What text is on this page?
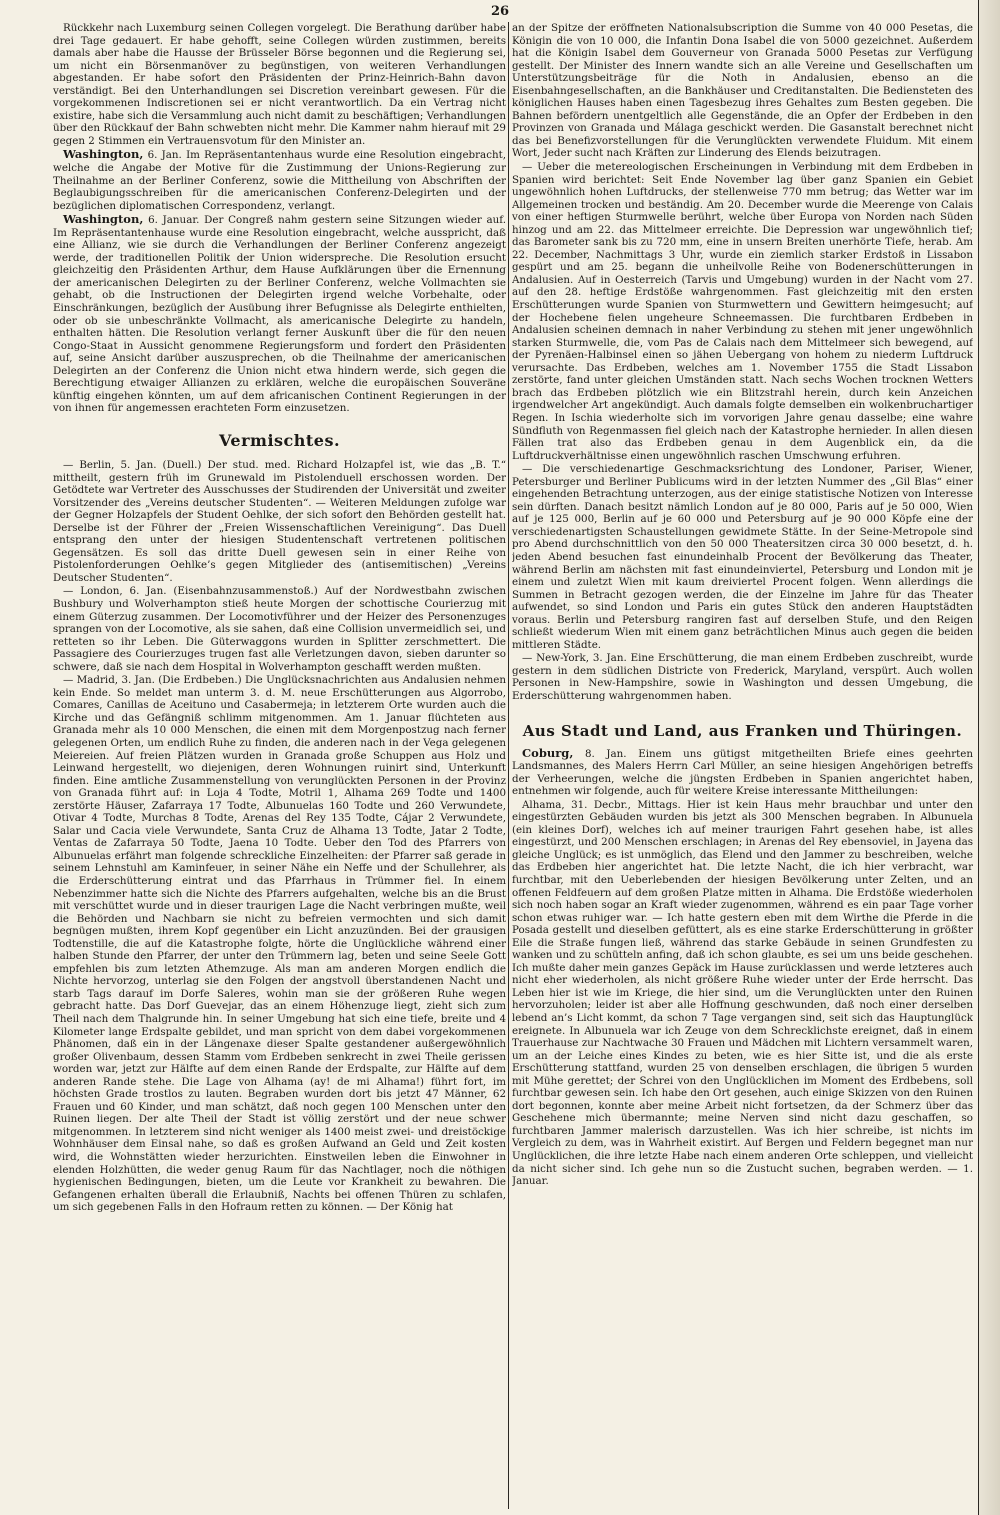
26

Rückkehr nach Luxemburg seinen Collegen vorgelegt. Die Berathung darüber habe drei Tage gedauert. Er habe gehofft, seine Collegen würden zustimmen, bereits damals aber habe die Hausse der Brüsseler Börse begonnen und die Regierung sei, um nicht ein Börsenmanöver zu begünstigen, von weiteren Verhandlungen abgestanden. Er habe sofort den Präsidenten der Prinz-Heinrich-Bahn davon verständigt. Bei den Unterhandlungen sei Discretion vereinbart gewesen. Für die vorgekommenen Indiscretionen sei er nicht verantwortlich. Da ein Vertrag nicht existire, habe sich die Versammlung auch nicht damit zu beschäftigen; Verhandlungen über den Rückkauf der Bahn schwebten nicht mehr. Die Kammer nahm hierauf mit 29 gegen 2 Stimmen ein Vertrauensvotum für den Minister an.

Washington, 6. Jan. Im Repräsentantenhaus wurde eine Resolution eingebracht, welche die Angabe der Motive für die Zustimmung der Unions-Regierung zur Theilnahme an der Berliner Conferenz, sowie die Mittheilung von Abschriften der Beglaubigungsschreiben für die americanischen Conferenz-Delegirten und der bezüglichen diplomatischen Correspondenz, verlangt.

Washington, 6. Januar. Der Congreß nahm gestern seine Sitzungen wieder auf. Im Repräsentantenhause wurde eine Resolution eingebracht, welche ausspricht, daß eine Allianz, wie sie durch die Verhandlungen der Berliner Conferenz angezeigt werde, der traditionellen Politik der Union widerspreche. Die Resolution ersucht gleichzeitig den Präsidenten Arthur, dem Hause Aufklärungen über die Ernennung der americanischen Delegirten zu der Berliner Conferenz, welche Vollmachten sie gehabt, ob die Instructionen der Delegirten irgend welche Vorbehalte, oder Einschränkungen, bezüglich der Ausübung ihrer Befugnisse als Delegirte enthielten, oder ob sie unbeschränkte Vollmacht, als americanische Delegirte zu handeln, enthalten hätten. Die Resolution verlangt ferner Auskunft über die für den neuen Congo-Staat in Aussicht genommene Regierungsform und fordert den Präsidenten auf, seine Ansicht darüber auszusprechen, ob die Theilnahme der americanischen Delegirten an der Conferenz die Union nicht etwa hindern werde, sich gegen die Berechtigung etwaiger Allianzen zu erklären, welche die europäischen Souveräne künftig eingehen könnten, um auf dem africanischen Continent Regierungen in der von ihnen für angemessen erachteten Form einzusetzen.

Vermischtes.

— Berlin, 5. Jan. (Duell.) Der stud. med. Richard Holzapfel ist, wie das „B. T.“ mittheilt, gestern früh im Grunewald im Pistolenduell erschossen worden. Der Getödtete war Vertreter des Ausschusses der Studirenden der Universität und zweiter Vorsitzender des „Vereins deutscher Studenten“. — Weiteren Meldungen zufolge war der Gegner Holzapfels der Student Oehlke, der sich sofort den Behörden gestellt hat. Derselbe ist der Führer der „Freien Wissenschaftlichen Vereinigung“. Das Duell entsprang den unter der hiesigen Studentenschaft vertretenen politischen Gegensätzen. Es soll das dritte Duell gewesen sein in einer Reihe von Pistolenforderungen Oehlke’s gegen Mitglieder des (antisemitischen) „Vereins Deutscher Studenten“.

— London, 6. Jan. (Eisenbahnzusammenstoß.) Auf der Nordwestbahn zwischen Bushbury und Wolverhampton stieß heute Morgen der schottische Courierzug mit einem Güterzug zusammen. Der Locomotivführer und der Heizer des Personenzuges sprangen von der Locomotive, als sie sahen, daß eine Collision unvermeidlich sei, und retteten so ihr Leben. Die Güterwaggons wurden in Splitter zerschmettert. Die Passagiere des Courierzuges trugen fast alle Verletzungen davon, sieben darunter so schwere, daß sie nach dem Hospital in Wolverhampton geschafft werden mußten.

— Madrid, 3. Jan. (Die Erdbeben.) Die Unglücksnachrichten aus Andalusien nehmen kein Ende. So meldet man unterm 3. d. M. neue Erschütterungen aus Algorrobo, Comares, Canillas de Aceituno und Casabermeja; in letzterem Orte wurden auch die Kirche und das Gefängniß schlimm mitgenommen. Am 1. Januar flüchteten aus Granada mehr als 10 000 Menschen, die einen mit dem Morgenpostzug nach ferner gelegenen Orten, um endlich Ruhe zu finden, die anderen nach in der Vega gelegenen Meiereien. Auf freien Plätzen wurden in Granada große Schuppen aus Holz und Leinwand hergestellt, wo diejenigen, deren Wohnungen ruinirt sind, Unterkunft finden. Eine amtliche Zusammenstellung von verunglückten Personen in der Provinz von Granada führt auf: in Loja 4 Todte, Motril 1, Alhama 269 Todte und 1400 zerstörte Häuser, Zafarraya 17 Todte, Albunuelas 160 Todte und 260 Verwundete, Otivar 4 Todte, Murchas 8 Todte, Arenas del Rey 135 Todte, Cájar 2 Verwundete, Salar und Cacia viele Verwundete, Santa Cruz de Alhama 13 Todte, Jatar 2 Todte, Ventas de Zafarraya 50 Todte, Jaena 10 Todte. Ueber den Tod des Pfarrers von Albunuelas erfährt man folgende schreckliche Einzelheiten: der Pfarrer saß gerade in seinem Lehnstuhl am Kaminfeuer, in seiner Nähe ein Neffe und der Schullehrer, als die Erderschütterung eintrat und das Pfarrhaus in Trümmer fiel. In einem Nebenzimmer hatte sich die Nichte des Pfarrers aufgehalten, welche bis an die Brust mit verschüttet wurde und in dieser traurigen Lage die Nacht verbringen mußte, weil die Behörden und Nachbarn sie nicht zu befreien vermochten und sich damit begnügen mußten, ihrem Kopf gegenüber ein Licht anzuzünden. Bei der grausigen Todtenstille, die auf die Katastrophe folgte, hörte die Unglückliche während einer halben Stunde den Pfarrer, der unter den Trümmern lag, beten und seine Seele Gott empfehlen bis zum letzten Athemzuge. Als man am anderen Morgen endlich die Nichte hervorzog, unterlag sie den Folgen der angstvoll überstandenen Nacht und starb Tags darauf im Dorfe Saleres, wohin man sie der größeren Ruhe wegen gebracht hatte. Das Dorf Guevejar, das an einem Höhenzuge liegt, zieht sich zum Theil nach dem Thalgrunde hin. In seiner Umgebung hat sich eine tiefe, breite und 4 Kilometer lange Erdspalte gebildet, und man spricht von dem dabei vorgekommenen Phänomen, daß ein in der Längenaxe dieser Spalte gestandener außergewöhnlich großer Olivenbaum, dessen Stamm vom Erdbeben senkrecht in zwei Theile gerissen worden war, jetzt zur Hälfte auf dem einen Rande der Erdspalte, zur Hälfte auf dem anderen Rande stehe. Die Lage von Alhama (ay! de mi Alhama!) führt fort, im höchsten Grade trostlos zu lauten. Begraben wurden dort bis jetzt 47 Männer, 62 Frauen und 60 Kinder, und man schätzt, daß noch gegen 100 Menschen unter den Ruinen liegen. Der alte Theil der Stadt ist völlig zerstört und der neue schwer mitgenommen. In letzterem sind nicht weniger als 1400 meist zwei- und dreistöckige Wohnhäuser dem Einsal nahe, so daß es großen Aufwand an Geld und Zeit kosten wird, die Wohnstätten wieder herzurichten. Einstweilen leben die Einwohner in elenden Holzhütten, die weder genug Raum für das Nachtlager, noch die nöthigen hygienischen Bedingungen, bieten, um die Leute vor Krankheit zu bewahren. Die Gefangenen erhalten überall die Erlaubniß, Nachts bei offenen Thüren zu schlafen, um sich gegebenen Falls in den Hofraum retten zu können. — Der König hat

an der Spitze der eröffneten Nationalsubscription die Summe von 40 000 Pesetas, die Königin die von 10 000, die Infantin Dona Isabel die von 5000 gezeichnet. Außerdem hat die Königin Isabel dem Gouverneur von Granada 5000 Pesetas zur Verfügung gestellt. Der Minister des Innern wandte sich an alle Vereine und Gesellschaften um Unterstützungsbeiträge für die Noth in Andalusien, ebenso an die Eisenbahngesellschaften, an die Bankhäuser und Creditanstalten. Die Bediensteten des königlichen Hauses haben einen Tagesbezug ihres Gehaltes zum Besten gegeben. Die Bahnen befördern unentgeltlich alle Gegenstände, die an Opfer der Erdbeben in den Provinzen von Granada und Málaga geschickt werden. Die Gasanstalt berechnet nicht das bei Benefizvorstellungen für die Verunglückten verwendete Fluidum. Mit einem Wort, Jeder sucht nach Kräften zur Linderung des Elends beizutragen.

— Ueber die metereologischen Erscheinungen in Verbindung mit dem Erdbeben in Spanien wird berichtet: Seit Ende November lag über ganz Spanien ein Gebiet ungewöhnlich hohen Luftdrucks, der stellenweise 770 mm betrug; das Wetter war im Allgemeinen trocken und beständig. Am 20. December wurde die Meerenge von Calais von einer heftigen Sturmwelle berührt, welche über Europa von Norden nach Süden hinzog und am 22. das Mittelmeer erreichte. Die Depression war ungewöhnlich tief; das Barometer sank bis zu 720 mm, eine in unsern Breiten unerhörte Tiefe, herab. Am 22. December, Nachmittags 3 Uhr, wurde ein ziemlich starker Erdstoß in Lissabon gespürt und am 25. begann die unheilvolle Reihe von Bodenerschütterungen in Andalusien. Auf in Oesterreich (Tarvis und Umgebung) wurden in der Nacht vom 27. auf den 28. heftige Erdstöße wahrgenommen. Fast gleichzeitig mit den ersten Erschütterungen wurde Spanien von Sturmwettern und Gewittern heimgesucht; auf der Hochebene fielen ungeheure Schneemassen. Die furchtbaren Erdbeben in Andalusien scheinen demnach in naher Verbindung zu stehen mit jener ungewöhnlich starken Sturmwelle, die, vom Pas de Calais nach dem Mittelmeer sich bewegend, auf der Pyrenäen-Halbinsel einen so jähen Uebergang von hohem zu niederm Luftdruck verursachte. Das Erdbeben, welches am 1. November 1755 die Stadt Lissabon zerstörte, fand unter gleichen Umständen statt. Nach sechs Wochen trocknen Wetters brach das Erdbeben plötzlich wie ein Blitzstrahl herein, durch kein Anzeichen irgendwelcher Art angekündigt. Auch damals folgte demselben ein wolkenbruchartiger Regen. In Ischia wiederholte sich im vorvorigen Jahre genau dasselbe; eine wahre Sündfluth von Regenmassen fiel gleich nach der Katastrophe hernieder. In allen diesen Fällen trat also das Erdbeben genau in dem Augenblick ein, da die Luftdruckverhältnisse einen ungewöhnlich raschen Umschwung erfuhren.

— Die verschiedenartige Geschmacksrichtung des Londoner, Pariser, Wiener, Petersburger und Berliner Publicums wird in der letzten Nummer des „Gil Blas“ einer eingehenden Betrachtung unterzogen, aus der einige statistische Notizen von Interesse sein dürften. Danach besitzt nämlich London auf je 80 000, Paris auf je 50 000, Wien auf je 125 000, Berlin auf je 60 000 und Petersburg auf je 90 000 Köpfe eine der verschiedenartigsten Schaustellungen gewidmete Stätte. In der Seine-Metropole sind pro Abend durchschnittlich von den 50 000 Theatersitzen circa 30 000 besetzt, d. h. jeden Abend besuchen fast einundeinhalb Procent der Bevölkerung das Theater, während Berlin am nächsten mit fast einundeinviertel, Petersburg und London mit je einem und zuletzt Wien mit kaum dreiviertel Procent folgen. Wenn allerdings die Summen in Betracht gezogen werden, die der Einzelne im Jahre für das Theater aufwendet, so sind London und Paris ein gutes Stück den anderen Hauptstädten voraus. Berlin und Petersburg rangiren fast auf derselben Stufe, und den Reigen schließt wiederum Wien mit einem ganz beträchtlichen Minus auch gegen die beiden mittleren Städte.

— New-York, 3. Jan. Eine Erschütterung, die man einem Erdbeben zuschreibt, wurde gestern in dem südlichen Districte von Frederick, Maryland, verspürt. Auch wollen Personen in New-Hampshire, sowie in Washington und dessen Umgebung, die Erderschütterung wahrgenommen haben.

Aus Stadt und Land, aus Franken und Thüringen.

Coburg, 8. Jan. Einem uns gütigst mitgetheilten Briefe eines geehrten Landsmannes, des Malers Herrn Carl Müller, an seine hiesigen Angehörigen betreffs der Verheerungen, welche die jüngsten Erdbeben in Spanien angerichtet haben, entnehmen wir folgende, auch für weitere Kreise interessante Mittheilungen:

Alhama, 31. Decbr., Mittags. Hier ist kein Haus mehr brauchbar und unter den eingestürzten Gebäuden wurden bis jetzt als 300 Menschen begraben. In Albunuela (ein kleines Dorf), welches ich auf meiner traurigen Fahrt gesehen habe, ist alles eingestürzt, und 200 Menschen erschlagen; in Arenas del Rey ebensoviel, in Jayena das gleiche Unglück; es ist unmöglich, das Elend und den Jammer zu beschreiben, welche das Erdbeben hier angerichtet hat. Die letzte Nacht, die ich hier verbracht, war furchtbar, mit den Ueberlebenden der hiesigen Bevölkerung unter Zelten, und an offenen Feldfeuern auf dem großen Platze mitten in Alhama. Die Erdstöße wiederholen sich noch haben sogar an Kraft wieder zugenommen, während es ein paar Tage vorher schon etwas ruhiger war. — Ich hatte gestern eben mit dem Wirthe die Pferde in die Posada gestellt und dieselben gefüttert, als es eine starke Erderschütterung in größter Eile die Straße fungen ließ, während das starke Gebäude in seinen Grundfesten zu wanken und zu schütteln anfing, daß ich schon glaubte, es sei um uns beide geschehen. Ich mußte daher mein ganzes Gepäck im Hause zurücklassen und werde letzteres auch nicht eher wiederholen, als nicht größere Ruhe wieder unter der Erde herrscht. Das Leben hier ist wie im Kriege, die hier sind, um die Verunglückten unter den Ruinen hervorzuholen; leider ist aber alle Hoffnung geschwunden, daß noch einer derselben lebend an’s Licht kommt, da schon 7 Tage vergangen sind, seit sich das Hauptunglück ereignete. In Albunuela war ich Zeuge von dem Schrecklichste ereignet, daß in einem Trauerhause zur Nachtwache 30 Frauen und Mädchen mit Lichtern versammelt waren, um an der Leiche eines Kindes zu beten, wie es hier Sitte ist, und die als erste Erschütterung stattfand, wurden 25 von denselben erschlagen, die übrigen 5 wurden mit Mühe gerettet; der Schrei von den Unglücklichen im Moment des Erdbebens, soll furchtbar gewesen sein. Ich habe den Ort gesehen, auch einige Skizzen von den Ruinen dort begonnen, konnte aber meine Arbeit nicht fortsetzen, da der Schmerz über das Geschehene mich übermannte; meine Nerven sind nicht dazu geschaffen, so furchtbaren Jammer malerisch darzustellen. Was ich hier schreibe, ist nichts im Vergleich zu dem, was in Wahrheit existirt. Auf Bergen und Feldern begegnet man nur Unglücklichen, die ihre letzte Habe nach einem anderen Orte schleppen, und vielleicht da nicht sicher sind. Ich gehe nun so die Zustucht suchen, begraben werden. — 1. Januar.
